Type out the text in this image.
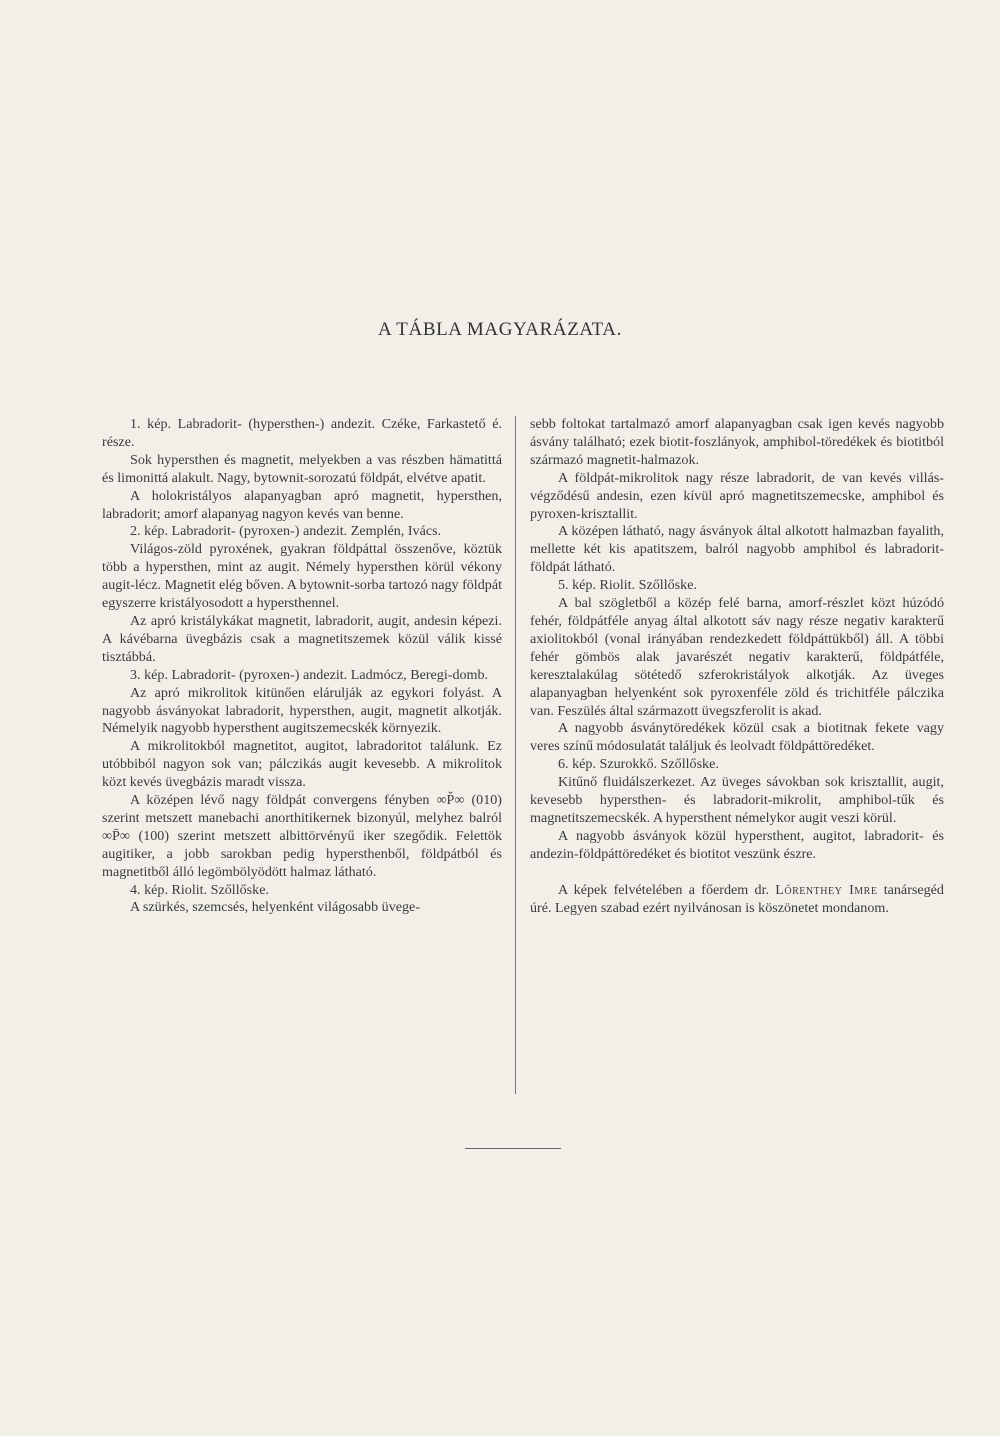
A TÁBLA MAGYARÁZATA.

1. kép. Labradorit- (hypersthen-) andezit. Czéke, Farkastető é. része.

Sok hypersthen és magnetit, melyekben a vas részben hämatittá és limonittá alakult. Nagy, bytownit-sorozatú földpát, elvétve apatit.

A holokristályos alapanyagban apró magnetit, hypersthen, labradorit; amorf alapanyag nagyon kevés van benne.

2. kép. Labradorit- (pyroxen-) andezit. Zemplén, Ivács.

Világos-zöld pyroxének, gyakran földpáttal összenőve, köztük több a hypersthen, mint az augit. Némely hypersthen körül vékony augit-lécz. Magnetit elég bőven. A bytownit-sorba tartozó nagy földpát egyszerre kristályosodott a hypersthennel.

Az apró kristálykákat magnetit, labradorit, augit, andesin képezi. A kávébarna üvegbázis csak a magnetitszemek közül válik kissé tisztábbá.

3. kép. Labradorit- (pyroxen-) andezit. Ladmócz, Beregi-domb.

Az apró mikrolitok kitünően elárulják az egykori folyást. A nagyobb ásványokat labradorit, hypersthen, augit, magnetit alkotják. Némelyik nagyobb hypersthent augitszemecskék környezik.

A mikrolitokból magnetitot, augitot, labradoritot találunk. Ez utóbbiból nagyon sok van; pálczikás augit kevesebb. A mikrolitok közt kevés üvegbázis maradt vissza.

A középen lévő nagy földpát convergens fényben ∞P̆∞ (010) szerint metszett manebachi anorthitikernek bizonyúl, melyhez balról ∞P̄∞ (100) szerint metszett albittörvényű iker szegődik. Felettök augitiker, a jobb sarokban pedig hypersthenből, földpátból és magnetitből álló legömbölyödött halmaz látható.

4. kép. Riolit. Szőllőske.

A szürkés, szemcsés, helyenként világosabb üvege-

sebb foltokat tartalmazó amorf alapanyagban csak igen kevés nagyobb ásvány található; ezek biotit-foszlányok, amphibol-töredékek és biotitból származó magnetit-halmazok.

A földpát-mikrolitok nagy része labradorit, de van kevés villás-végződésű andesin, ezen kívül apró magnetitszemecske, amphibol és pyroxen-krisztallit.

A középen látható, nagy ásványok által alkotott halmazban fayalith, mellette két kis apatitszem, balról nagyobb amphibol és labradorit-földpát látható.

5. kép. Riolit. Szőllőske.

A bal szögletből a közép felé barna, amorf-részlet közt húzódó fehér, földpátféle anyag által alkotott sáv nagy része negativ karakterű axiolitokból (vonal irányában rendezkedett földpáttükből) áll. A többi fehér gömbös alak javarészét negativ karakterű, földpátféle, keresztalakúlag sötétedő szferokristályok alkotják. Az üveges alapanyagban helyenként sok pyroxenféle zöld és trichitféle pálczika van. Feszülés által származott üvegszferolit is akad.

A nagyobb ásványtöredékek közül csak a biotitnak fekete vagy veres színű módosulatát találjuk és leolvadt földpáttöredéket.

6. kép. Szurokkő. Szőllőske.

Kitűnő fluidálszerkezet. Az üveges sávokban sok krisztallit, augit, kevesebb hypersthen- és labradorit-mikrolit, amphibol-tűk és magnetitszemecskék. A hypersthent némelykor augit veszi körül.

A nagyobb ásványok közül hypersthent, augitot, labradorit- és andezin-földpáttöredéket és biotitot veszünk észre.

A képek felvételében a főerdem dr. Lőrenthey Imre tanársegéd úré. Legyen szabad ezért nyilvánosan is köszönetet mondanom.
